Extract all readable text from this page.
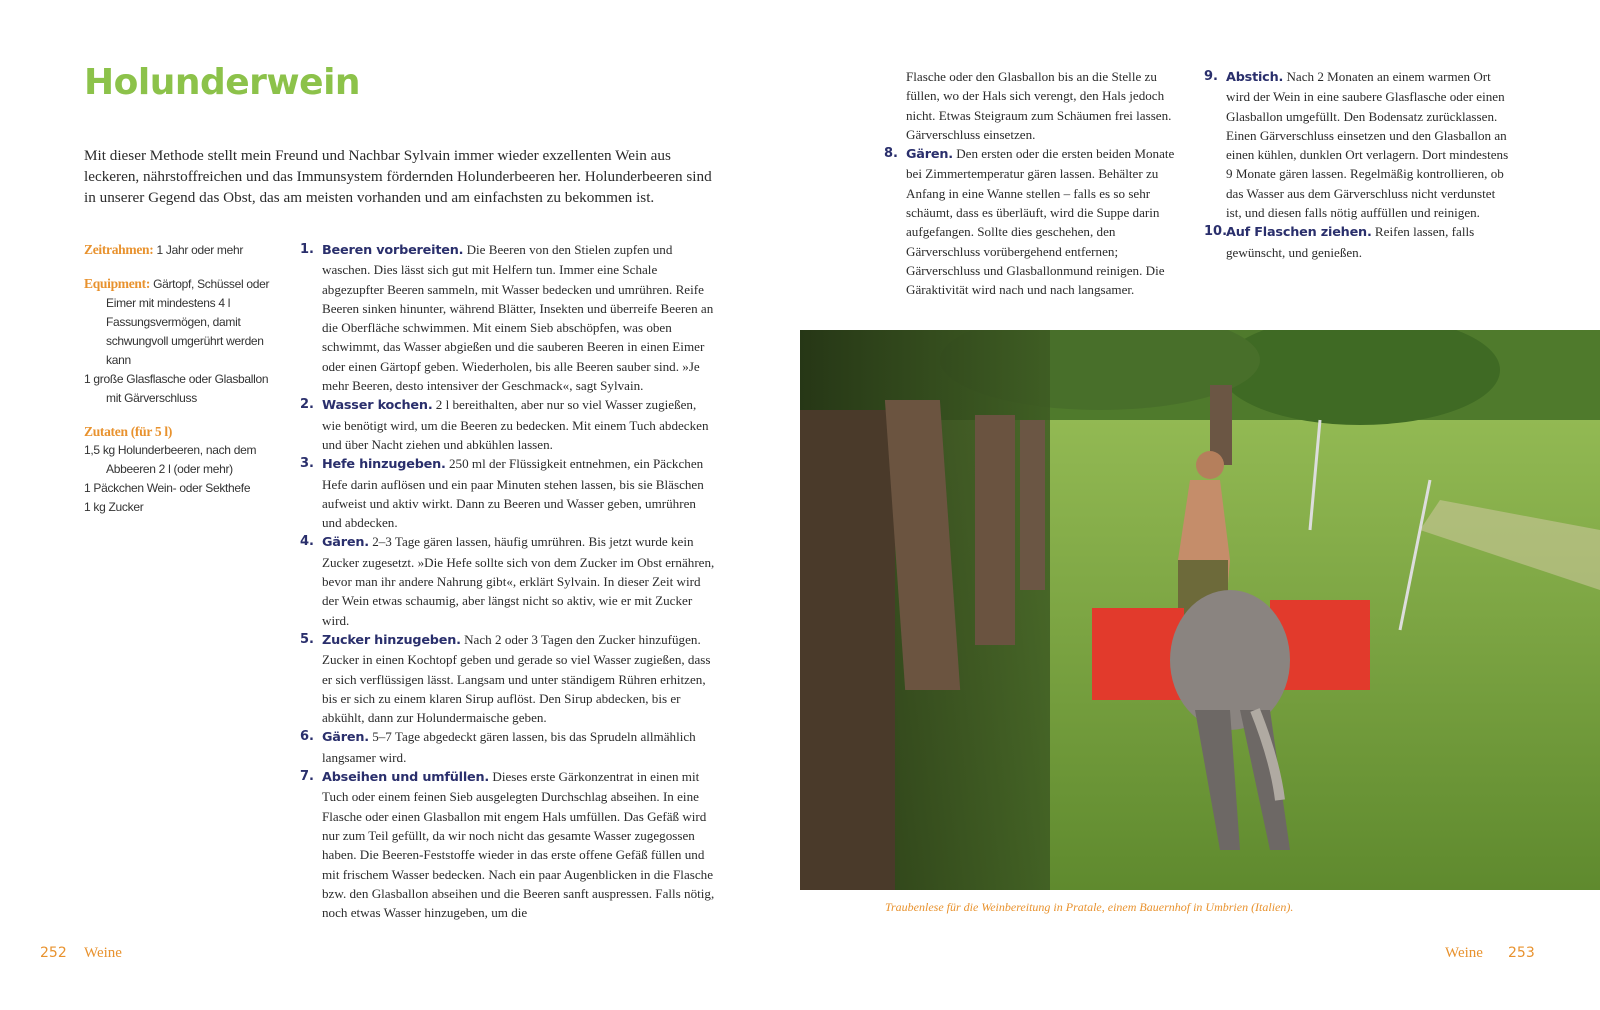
Holunderwein

Mit dieser Methode stellt mein Freund und Nachbar Sylvain immer wieder exzellenten Wein aus leckeren, nährstoffreichen und das Immunsystem fördernden Holunderbeeren her. Holunderbeeren sind in unserer Gegend das Obst, das am meisten vorhanden und am einfachsten zu bekommen ist.

Zeitrahmen: 1 Jahr oder mehr
Equipment: Gärtopf, Schüssel oder Eimer mit mindestens 4 l Fassungsvermögen, damit schwungvoll umgerührt werden kann
1 große Glasflasche oder Glasballon mit Gärverschluss
Zutaten (für 5 l)
1,5 kg Holunderbeeren, nach dem Abbeeren 2 l (oder mehr)
1 Päckchen Wein- oder Sekthefe
1 kg Zucker
1. Beeren vorbereiten. Die Beeren von den Stielen zupfen und waschen. Dies lässt sich gut mit Helfern tun. Immer eine Schale abgezupfter Beeren sammeln, mit Wasser bedecken und umrühren. Reife Beeren sinken hinunter, während Blätter, Insekten und überreife Beeren an die Oberfläche schwimmen. Mit einem Sieb abschöpfen, was oben schwimmt, das Wasser abgießen und die sauberen Beeren in einen Eimer oder einen Gärtopf geben. Wiederholen, bis alle Beeren sauber sind. »Je mehr Beeren, desto intensiver der Geschmack«, sagt Sylvain.
2. Wasser kochen. 2 l bereithalten, aber nur so viel Wasser zugießen, wie benötigt wird, um die Beeren zu bedecken. Mit einem Tuch abdecken und über Nacht ziehen und abkühlen lassen.
3. Hefe hinzugeben. 250 ml der Flüssigkeit entnehmen, ein Päckchen Hefe darin auflösen und ein paar Minuten stehen lassen, bis sie Bläschen aufweist und aktiv wirkt. Dann zu Beeren und Wasser geben, umrühren und abdecken.
4. Gären. 2–3 Tage gären lassen, häufig umrühren. Bis jetzt wurde kein Zucker zugesetzt. »Die Hefe sollte sich von dem Zucker im Obst ernähren, bevor man ihr andere Nahrung gibt«, erklärt Sylvain. In dieser Zeit wird der Wein etwas schaumig, aber längst nicht so aktiv, wie er mit Zucker wird.
5. Zucker hinzugeben. Nach 2 oder 3 Tagen den Zucker hinzufügen. Zucker in einen Kochtopf geben und gerade so viel Wasser zugießen, dass er sich verflüssigen lässt. Langsam und unter ständigem Rühren erhitzen, bis er sich zu einem klaren Sirup auflöst. Den Sirup abdecken, bis er abkühlt, dann zur Holundermaische geben.
6. Gären. 5–7 Tage abgedeckt gären lassen, bis das Sprudeln allmählich langsamer wird.
7. Abseihen und umfüllen. Dieses erste Gärkonzentrat in einen mit Tuch oder einem feinen Sieb ausgelegten Durchschlag abseihen. In eine Flasche oder einen Glasballon mit engem Hals umfüllen. Das Gefäß wird nur zum Teil gefüllt, da wir noch nicht das gesamte Wasser zugegossen haben. Die Beeren-Feststoffe wieder in das erste offene Gefäß füllen und mit frischem Wasser bedecken. Nach ein paar Augenblicken in die Flasche bzw. den Glasballon abseihen und die Beeren sanft auspressen. Falls nötig, noch etwas Wasser hinzugeben, um die
252 Weine
Flasche oder den Glasballon bis an die Stelle zu füllen, wo der Hals sich verengt, den Hals jedoch nicht. Etwas Steigraum zum Schäumen frei lassen. Gärverschluss einsetzen.
8. Gären. Den ersten oder die ersten beiden Monate bei Zimmertemperatur gären lassen. Behälter zu Anfang in eine Wanne stellen – falls es so sehr schäumt, dass es überläuft, wird die Suppe darin aufgefangen. Sollte dies geschehen, den Gärverschluss vorübergehend entfernen; Gärverschluss und Glasballonmund reinigen. Die Gäraktivität wird nach und nach langsamer.
9. Abstich. Nach 2 Monaten an einem warmen Ort wird der Wein in eine saubere Glasflasche oder einen Glasballon umgefüllt. Den Bodensatz zurücklassen. Einen Gärverschluss einsetzen und den Glasballon an einen kühlen, dunklen Ort verlagern. Dort mindestens 9 Monate gären lassen. Regelmäßig kontrollieren, ob das Wasser aus dem Gärverschluss nicht verdunstet ist, und diesen falls nötig auffüllen und reinigen.
10.
Auf Flaschen ziehen. Reifen lassen, falls gewünscht, und genießen.

Traubenlese für die Weinbereitung in Pratale, einem Bauernhof in Umbrien (Italien).

Weine 253
